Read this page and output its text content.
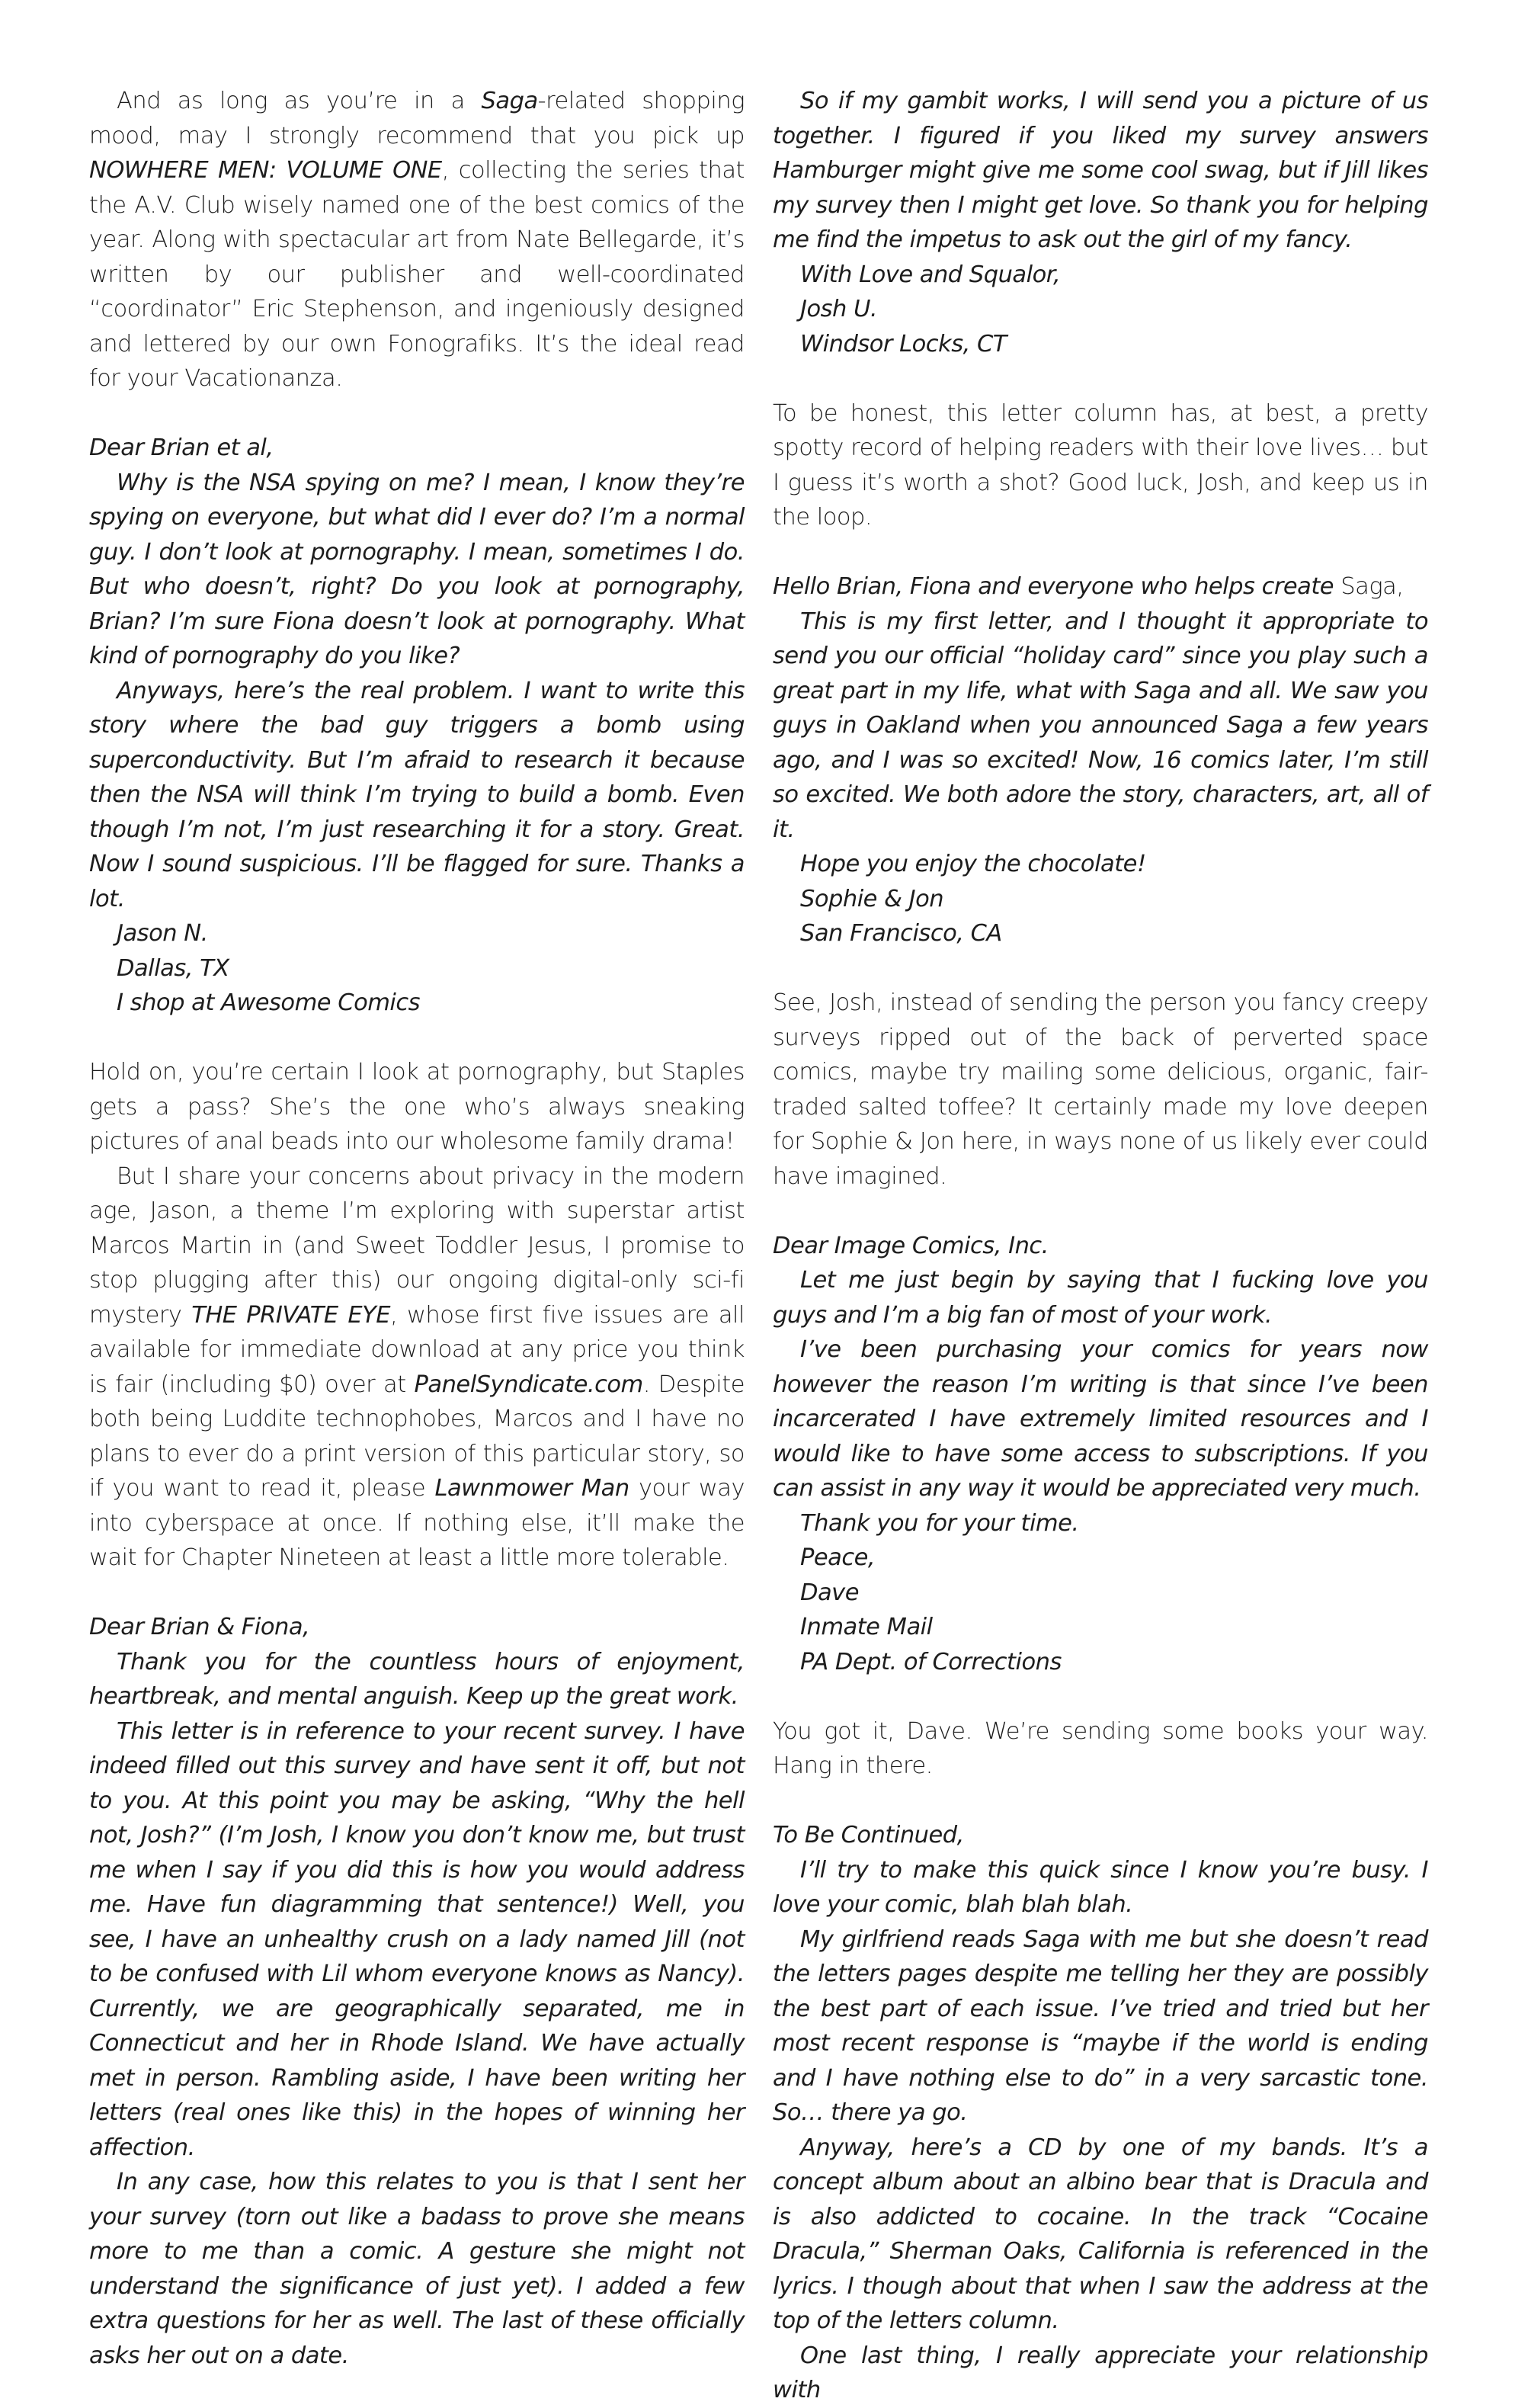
And as long as you’re in a Saga-related shopping mood, may I strongly recommend that you pick up NOWHERE MEN: VOLUME ONE, collecting the series that the A.V. Club wisely named one of the best comics of the year. Along with spectacular art from Nate Bellegarde, it’s written by our publisher and well-coordinated “coordinator” Eric Stephenson, and ingeniously designed and lettered by our own Fonografiks. It’s the ideal read for your Vacationanza.

Dear Brian et al,

Why is the NSA spying on me? I mean, I know they’re spying on everyone, but what did I ever do? I’m a normal guy. I don’t look at pornography. I mean, sometimes I do. But who doesn’t, right? Do you look at pornography, Brian? I’m sure Fiona doesn’t look at pornography. What kind of pornography do you like?

Anyways, here’s the real problem. I want to write this story where the bad guy triggers a bomb using superconductivity. But I’m afraid to research it because then the NSA will think I’m trying to build a bomb. Even though I’m not, I’m just researching it for a story. Great. Now I sound suspicious. I’ll be flagged for sure. Thanks a lot.

Jason N.

Dallas, TX

I shop at Awesome Comics

Hold on, you’re certain I look at pornography, but Staples gets a pass? She’s the one who’s always sneaking pictures of anal beads into our wholesome family drama!

But I share your concerns about privacy in the modern age, Jason, a theme I’m exploring with superstar artist Marcos Martin in (and Sweet Toddler Jesus, I promise to stop plugging after this) our ongoing digital-only sci-fi mystery THE PRIVATE EYE, whose first five issues are all available for immediate download at any price you think is fair (including $0) over at PanelSyndicate.com. Despite both being Luddite technophobes, Marcos and I have no plans to ever do a print version of this particular story, so if you want to read it, please Lawnmower Man your way into cyberspace at once. If nothing else, it’ll make the wait for Chapter Nineteen at least a little more tolerable.

Dear Brian & Fiona,

Thank you for the countless hours of enjoyment, heartbreak, and mental anguish. Keep up the great work.

This letter is in reference to your recent survey. I have indeed filled out this survey and have sent it off, but not to you. At this point you may be asking, “Why the hell not, Josh?” (I’m Josh, I know you don’t know me, but trust me when I say if you did this is how you would address me. Have fun diagramming that sentence!) Well, you see, I have an unhealthy crush on a lady named Jill (not to be confused with Lil whom everyone knows as Nancy). Currently, we are geographically separated, me in Connecticut and her in Rhode Island. We have actually met in person. Rambling aside, I have been writing her letters (real ones like this) in the hopes of winning her affection.

In any case, how this relates to you is that I sent her your survey (torn out like a badass to prove she means more to me than a comic. A gesture she might not understand the significance of just yet). I added a few extra questions for her as well. The last of these officially asks her out on a date.

So if my gambit works, I will send you a picture of us together. I figured if you liked my survey answers Hamburger might give me some cool swag, but if Jill likes my survey then I might get love. So thank you for helping me find the impetus to ask out the girl of my fancy.

With Love and Squalor,

Josh U.

Windsor Locks, CT

To be honest, this letter column has, at best, a pretty spotty record of helping readers with their love lives… but I guess it’s worth a shot? Good luck, Josh, and keep us in the loop.

Hello Brian, Fiona and everyone who helps create Saga,

This is my first letter, and I thought it appropriate to send you our official “holiday card” since you play such a great part in my life, what with Saga and all. We saw you guys in Oakland when you announced Saga a few years ago, and I was so excited! Now, 16 comics later, I’m still so excited. We both adore the story, characters, art, all of it.

Hope you enjoy the chocolate!

Sophie & Jon

San Francisco, CA

See, Josh, instead of sending the person you fancy creepy surveys ripped out of the back of perverted space comics, maybe try mailing some delicious, organic, fair-traded salted toffee? It certainly made my love deepen for Sophie & Jon here, in ways none of us likely ever could have imagined.

Dear Image Comics, Inc.

Let me just begin by saying that I fucking love you guys and I’m a big fan of most of your work.

I’ve been purchasing your comics for years now however the reason I’m writing is that since I’ve been incarcerated I have extremely limited resources and I would like to have some access to subscriptions. If you can assist in any way it would be appreciated very much.

Thank you for your time.

Peace,

Dave

Inmate Mail

PA Dept. of Corrections

You got it, Dave. We’re sending some books your way. Hang in there.

To Be Continued,

I’ll try to make this quick since I know you’re busy. I love your comic, blah blah blah.

My girlfriend reads Saga with me but she doesn’t read the letters pages despite me telling her they are possibly the best part of each issue. I’ve tried and tried but her most recent response is “maybe if the world is ending and I have nothing else to do” in a very sarcastic tone. So… there ya go.

Anyway, here’s a CD by one of my bands. It’s a concept album about an albino bear that is Dracula and is also addicted to cocaine. In the track “Cocaine Dracula,” Sherman Oaks, California is referenced in the lyrics. I though about that when I saw the address at the top of the letters column.

One last thing, I really appreciate your relationship with
